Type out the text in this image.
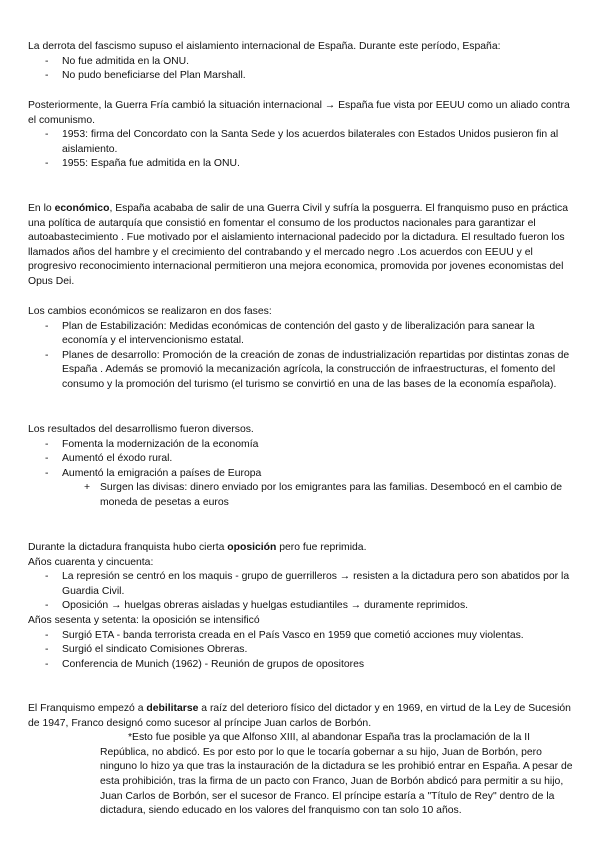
La derrota del fascismo supuso el aislamiento internacional de España. Durante este período, España:

- No fue admitida en la ONU.
- No pudo beneficiarse del Plan Marshall.

Posteriormente, la Guerra Fría cambió la situación internacional → España fue vista por EEUU como un aliado contra el comunismo.

- 1953: firma del Concordato con la Santa Sede y los acuerdos bilaterales con Estados Unidos pusieron fin al aislamiento.
- 1955: España fue admitida en la ONU.

En lo económico, España acababa de salir de una Guerra Civil y sufría la posguerra. El franquismo puso en práctica una política de autarquía que consistió en fomentar el consumo de los productos nacionales para garantizar el autoabastecimiento . Fue motivado por el aislamiento internacional padecido por la dictadura. El resultado fueron los llamados años del hambre y el crecimiento del contrabando y el mercado negro .Los acuerdos con EEUU y el progresivo reconocimiento internacional permitieron una mejora economica, promovida por jovenes economistas del Opus Dei.

Los cambios económicos se realizaron en dos fases:

- Plan de Estabilización: Medidas económicas de contención del gasto y de liberalización para sanear la economía y el intervencionismo estatal.
- Planes de desarrollo: Promoción de la creación de zonas de industrialización repartidas por distintas zonas de España . Además se promovió la mecanización agrícola, la construcción de infraestructuras, el fomento del consumo y la promoción del turismo (el turismo se convirtió en una de las bases de la economía española).

Los resultados del desarrollismo fueron diversos.

- Fomenta la modernización de la economía
- Aumentó el éxodo rural.
- Aumentó la emigración a países de Europa
+ Surgen las divisas: dinero enviado por los emigrantes para las familias. Desembocó en el cambio de moneda de pesetas a euros

Durante la dictadura franquista hubo cierta oposición pero fue reprimida.

Años cuarenta y cincuenta:

- La represión se centró en los maquis - grupo de guerrilleros → resisten a la dictadura pero son abatidos por la Guardia Civil.
- Oposición → huelgas obreras aisladas y huelgas estudiantiles → duramente reprimidos.

Años sesenta y setenta: la oposición se intensificó

- Surgió ETA - banda terrorista creada en el País Vasco en 1959 que cometió acciones muy violentas.
- Surgió el sindicato Comisiones Obreras.
- Conferencia de Munich (1962) - Reunión de grupos de opositores

El Franquismo empezó a debilitarse a raíz del deterioro físico del dictador y en 1969, en virtud de la Ley de Sucesión de 1947, Franco designó como sucesor al príncipe Juan carlos de Borbón.

*Esto fue posible ya que Alfonso XIII, al abandonar España tras la proclamación de la II República, no abdicó. Es por esto por lo que le tocaría gobernar a su hijo, Juan de Borbón, pero ninguno lo hizo ya que tras la instauración de la dictadura se les prohibió entrar en España. A pesar de esta prohibición, tras la firma de un pacto con Franco, Juan de Borbón abdicó para permitir a su hijo, Juan Carlos de Borbón, ser el sucesor de Franco. El príncipe estaría a "Título de Rey" dentro de la dictadura, siendo educado en los valores del franquismo con tan solo 10 años.
